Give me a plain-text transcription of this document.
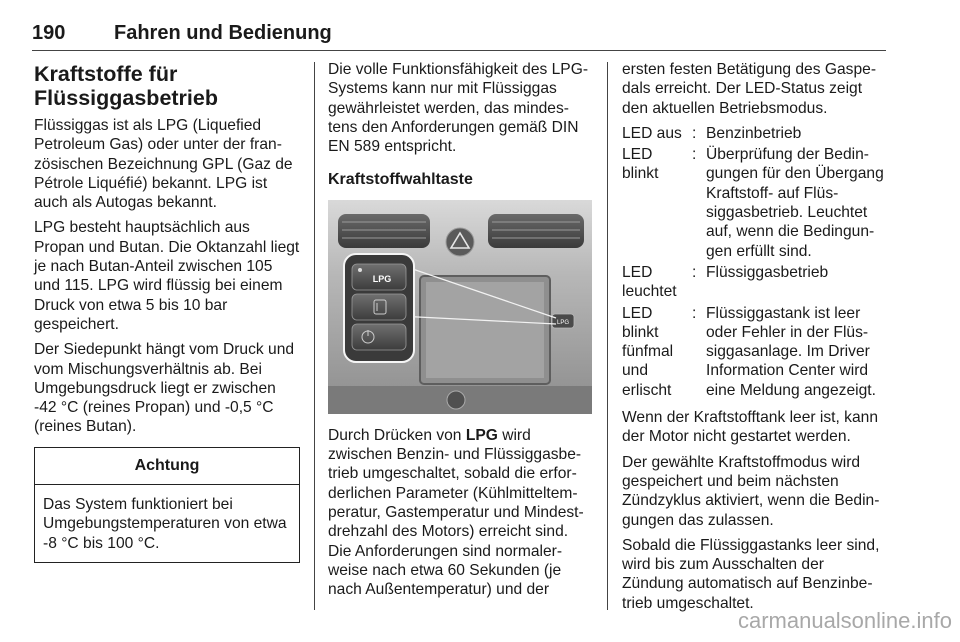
190 Fahren und Bedienung
Kraftstoffe für
Flüssiggasbetrieb

Flüssiggas ist als LPG (Liquefied Petroleum Gas) oder unter der französischen Bezeichnung GPL (Gaz de Pétrole Liquéfié) bekannt. LPG ist auch als Autogas bekannt.

LPG besteht hauptsächlich aus Propan und Butan. Die Oktanzahl liegt je nach Butan-Anteil zwischen 105 und 115. LPG wird flüssig bei einem Druck von etwa 5 bis 10 bar gespeichert.

Der Siedepunkt hängt vom Druck und vom Mischungsverhältnis ab. Bei Umgebungsdruck liegt er zwischen -42 °C (reines Propan) und -0,5 °C (reines Butan).

Achtung
Das System funktioniert bei Umgebungstemperaturen von etwa -8 °C bis 100 °C.

Die volle Funktionsfähigkeit des LPG-Systems kann nur mit Flüssiggas gewährleistet werden, das mindestens den Anforderungen gemäß DIN EN 589 entspricht.

Kraftstoffwahltaste
LPG
LPG

Durch Drücken von LPG wird zwischen Benzin- und Flüssiggasbetrieb umgeschaltet, sobald die erforderlichen Parameter (Kühlmitteltemperatur, Gastemperatur und Mindestdrehzahl des Motors) erreicht sind. Die Anforderungen sind normalerweise nach etwa 60 Sekunden (je nach Außentemperatur) und der

ersten festen Betätigung des Gaspedals erreicht. Der LED-Status zeigt den aktuellen Betriebsmodus.

LED aus : Benzinbetrieb
LED blinkt
: Überprüfung der Bedingungen für den Übergang Kraftstoff- auf Flüssiggasbetrieb. Leuchtet auf, wenn die Bedingungen erfüllt sind.
LED leuchtet
: Flüssiggasbetrieb
LED blinkt fünfmal und erlischt
: Flüssiggastank ist leer oder Fehler in der Flüssiggasanlage. Im Driver Information Center wird eine Meldung angezeigt.

Wenn der Kraftstofftank leer ist, kann der Motor nicht gestartet werden.

Der gewählte Kraftstoffmodus wird gespeichert und beim nächsten Zündzyklus aktiviert, wenn die Bedingungen das zulassen.

Sobald die Flüssiggastanks leer sind, wird bis zum Ausschalten der Zündung automatisch auf Benzinbetrieb umgeschaltet.

carmanualsonline.info
